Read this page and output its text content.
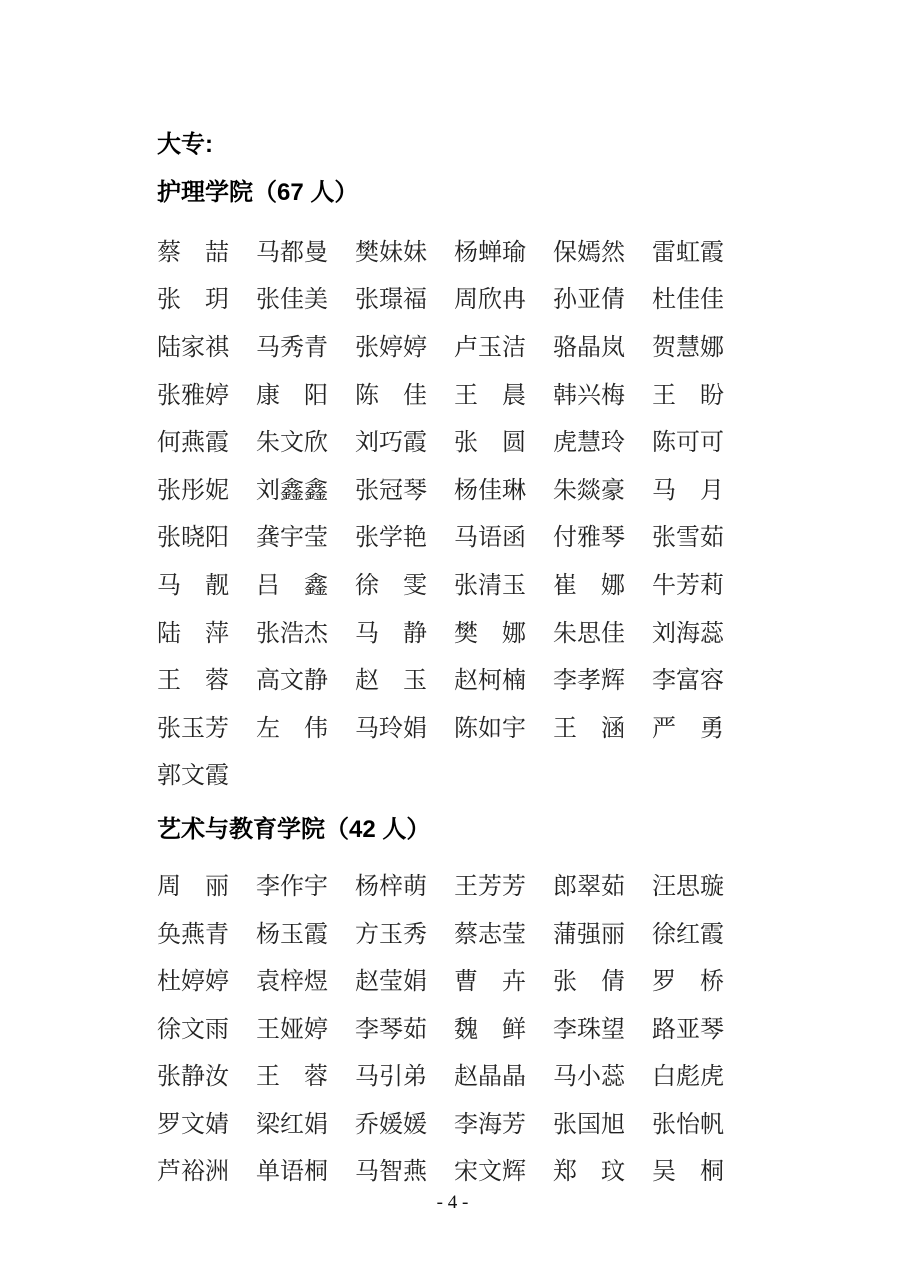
大专:
护理学院（67 人）
蔡　喆 马都曼 樊妹妹 杨蝉瑜 保嫣然 雷虹霞
张　玥 张佳美 张璟福 周欣冉 孙亚倩 杜佳佳
陆家祺 马秀青 张婷婷 卢玉洁 骆晶岚 贺慧娜
张雅婷 康　阳 陈　佳 王　晨 韩兴梅 王　盼
何燕霞 朱文欣 刘巧霞 张　圆 虎慧玲 陈可可
张彤妮 刘鑫鑫 张冠琴 杨佳琳 朱燚豪 马　月
张晓阳 龚宇莹 张学艳 马语函 付雅琴 张雪茹
马　靓 吕　鑫 徐　雯 张清玉 崔　娜 牛芳莉
陆　萍 张浩杰 马　静 樊　娜 朱思佳 刘海蕊
王　蓉 高文静 赵　玉 赵柯楠 李孝辉 李富容
张玉芳 左　伟 马玲娟 陈如宇 王　涵 严　勇
郭文霞
艺术与教育学院（42 人）
周　丽 李作宇 杨梓萌 王芳芳 郎翠茹 汪思璇
奂燕青 杨玉霞 方玉秀 蔡志莹 蒲强丽 徐红霞
杜婷婷 袁梓煜 赵莹娟 曹　卉 张　倩 罗　桥
徐文雨 王娅婷 李琴茹 魏　鲜 李珠望 路亚琴
张静汝 王　蓉 马引弟 赵晶晶 马小蕊 白彪虎
罗文婧 梁红娟 乔媛媛 李海芳 张国旭 张怡帆
芦裕洲 单语桐 马智燕 宋文辉 郑　玟 吴　桐
- 4 -
